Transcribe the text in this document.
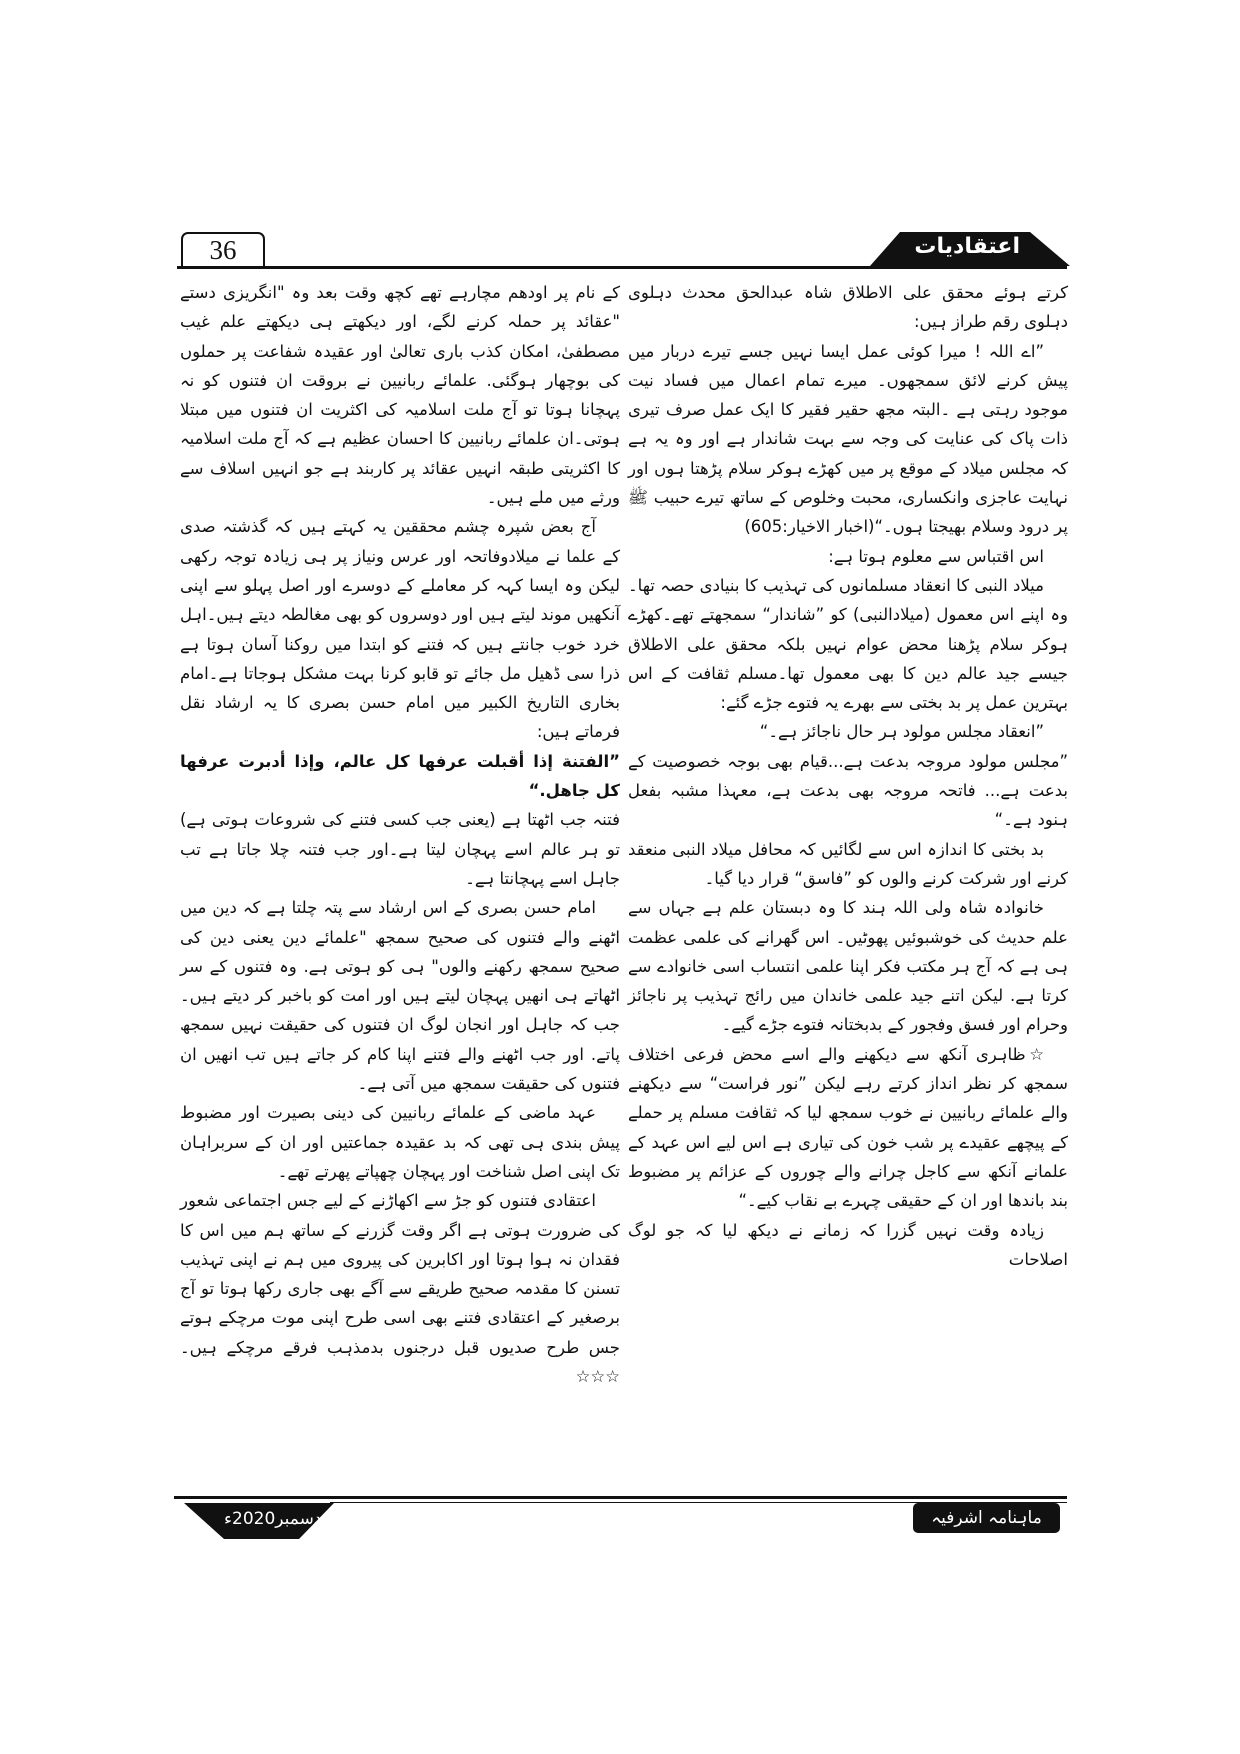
36	اعتقادیات

کرتے ہوئے محقق علی الاطلاق شاہ عبدالحق محدث دہلوی دہلوی رقم طراز ہیں:

”اے اللہ ! میرا کوئی عمل ایسا نہیں جسے تیرے دربار میں پیش کرنے لائق سمجھوں۔ میرے تمام اعمال میں فساد نیت موجود رہتی ہے ۔البتہ مجھ حقیر فقیر کا ایک عمل صرف تیری ذات پاک کی عنایت کی وجہ سے بہت شاندار ہے اور وہ یہ ہے کہ مجلس میلاد کے موقع پر میں کھڑے ہوکر سلام پڑھتا ہوں اور نہایت عاجزی وانکساری، محبت وخلوص کے ساتھ تیرے حبیب ﷺ پر درود وسلام بھیجتا ہوں۔“(اخبار الاخیار:605)

اس اقتباس سے معلوم ہوتا ہے:

میلاد النبی کا انعقاد مسلمانوں کی تہذیب کا بنیادی حصہ تھا۔ وہ اپنے اس معمول (میلادالنبی) کو ”شاندار“ سمجھتے تھے۔کھڑے ہوکر سلام پڑھنا محض عوام نہیں بلکہ محقق علی الاطلاق جیسے جید عالم دین کا بھی معمول تھا۔مسلم ثقافت کے اس بہترین عمل پر بد بختی سے بھرے یہ فتوے جڑے گئے:

”انعقاد مجلس مولود ہر حال ناجائز ہے۔“

”مجلس مولود مروجہ بدعت ہے...قیام بھی بوجہ خصوصیت کے بدعت ہے... فاتحہ مروجہ بھی بدعت ہے، معہذا مشبہ بفعل ہنود ہے۔“

بد بختی کا اندازہ اس سے لگائیں کہ محافل میلاد النبی منعقد کرنے اور شرکت کرنے والوں کو ”فاسق“ قرار دیا گیا۔

خانوادہ شاہ ولی اللہ ہند کا وہ دبستان علم ہے جہاں سے علم حدیث کی خوشبوئیں پھوٹیں۔ اس گھرانے کی علمی عظمت ہی ہے کہ آج ہر مکتب فکر اپنا علمی انتساب اسی خانوادے سے کرتا ہے. لیکن اتنے جید علمی خاندان میں رائج تہذیب پر ناجائز وحرام اور فسق وفجور کے بدبختانہ فتوے جڑے گیے۔

☆ظاہری آنکھ سے دیکھنے والے اسے محض فرعی اختلاف سمجھ کر نظر انداز کرتے رہے لیکن ”نور فراست“ سے دیکھنے والے علمائے ربانیین نے خوب سمجھ لیا کہ ثقافت مسلم پر حملے کے پیچھے عقیدے پر شب خون کی تیاری ہے اس لیے اس عہد کے علمانے آنکھ سے کاجل چرانے والے چوروں کے عزائم پر مضبوط بند باندھا اور ان کے حقیقی چہرے بے نقاب کیے۔“

زیادہ وقت نہیں گزرا کہ زمانے نے دیکھ لیا کہ جو لوگ اصلاحات

کے نام پر اودھم مچارہے تھے کچھ وقت بعد وہ "انگریزی دستے "عقائد پر حملہ کرنے لگے، اور دیکھتے ہی دیکھتے علم غیب مصطفیٰ، امکان کذب باری تعالیٰ اور عقیدہ شفاعت پر حملوں کی بوچھار ہوگئی. علمائے ربانیین نے بروقت ان فتنوں کو نہ پہچانا ہوتا تو آج ملت اسلامیہ کی اکثریت ان فتنوں میں مبتلا ہوتی۔ان علمائے ربانیین کا احسان عظیم ہے کہ آج ملت اسلامیہ کا اکثریتی طبقہ انہیں عقائد پر کاربند ہے جو انہیں اسلاف سے ورثے میں ملے ہیں۔

آج بعض شپرہ چشم محققین یہ کہتے ہیں کہ گذشتہ صدی کے علما نے میلادوفاتحہ اور عرس ونیاز پر ہی زیادہ توجہ رکھی لیکن وہ ایسا کہہ کر معاملے کے دوسرے اور اصل پہلو سے اپنی آنکھیں موند لیتے ہیں اور دوسروں کو بھی مغالطہ دیتے ہیں۔اہل خرد خوب جانتے ہیں کہ فتنے کو ابتدا میں روکنا آسان ہوتا ہے ذرا سی ڈھیل مل جائے تو قابو کرنا بہت مشکل ہوجاتا ہے۔امام بخاری التاریخ الکبیر میں امام حسن بصری کا یہ ارشاد نقل فرماتے ہیں:

”الفتنة إذا أقبلت عرفها كل عالم، وإذا أدبرت عرفها كل جاهل.“

فتنہ جب اٹھتا ہے (یعنی جب کسی فتنے کی شروعات ہوتی ہے) تو ہر عالم اسے پہچان لیتا ہے۔اور جب فتنہ چلا جاتا ہے تب جاہل اسے پہچانتا ہے۔

امام حسن بصری کے اس ارشاد سے پتہ چلتا ہے کہ دین میں اٹھنے والے فتنوں کی صحیح سمجھ "علمائے دین یعنی دین کی صحیح سمجھ رکھنے والوں" ہی کو ہوتی ہے. وہ فتنوں کے سر اٹھاتے ہی انھیں پہچان لیتے ہیں اور امت کو باخبر کر دیتے ہیں۔جب کہ جاہل اور انجان لوگ ان فتنوں کی حقیقت نہیں سمجھ پاتے. اور جب اٹھنے والے فتنے اپنا کام کر جاتے ہیں تب انھیں ان فتنوں کی حقیقت سمجھ میں آتی ہے۔

عہد ماضی کے علمائے ربانیین کی دینی بصیرت اور مضبوط پیش بندی ہی تھی کہ بد عقیدہ جماعتیں اور ان کے سربراہان تک اپنی اصل شناخت اور پہچان چھپاتے پھرتے تھے۔

اعتقادی فتنوں کو جڑ سے اکھاڑنے کے لیے جس اجتماعی شعور کی ضرورت ہوتی ہے اگر وقت گزرنے کے ساتھ ہم میں اس کا فقدان نہ ہوا ہوتا اور اکابرین کی پیروی میں ہم نے اپنی تہذیب تسنن کا مقدمہ صحیح طریقے سے آگے بھی جاری رکھا ہوتا تو آج برصغیر کے اعتقادی فتنے بھی اسی طرح اپنی موت مرچکے ہوتے جس طرح صدیوں قبل درجنوں بدمذہب فرقے مرچکے ہیں۔☆☆☆

ستمبر-تا-دسمبر2020ء	ماہنامہ اشرفیہ
